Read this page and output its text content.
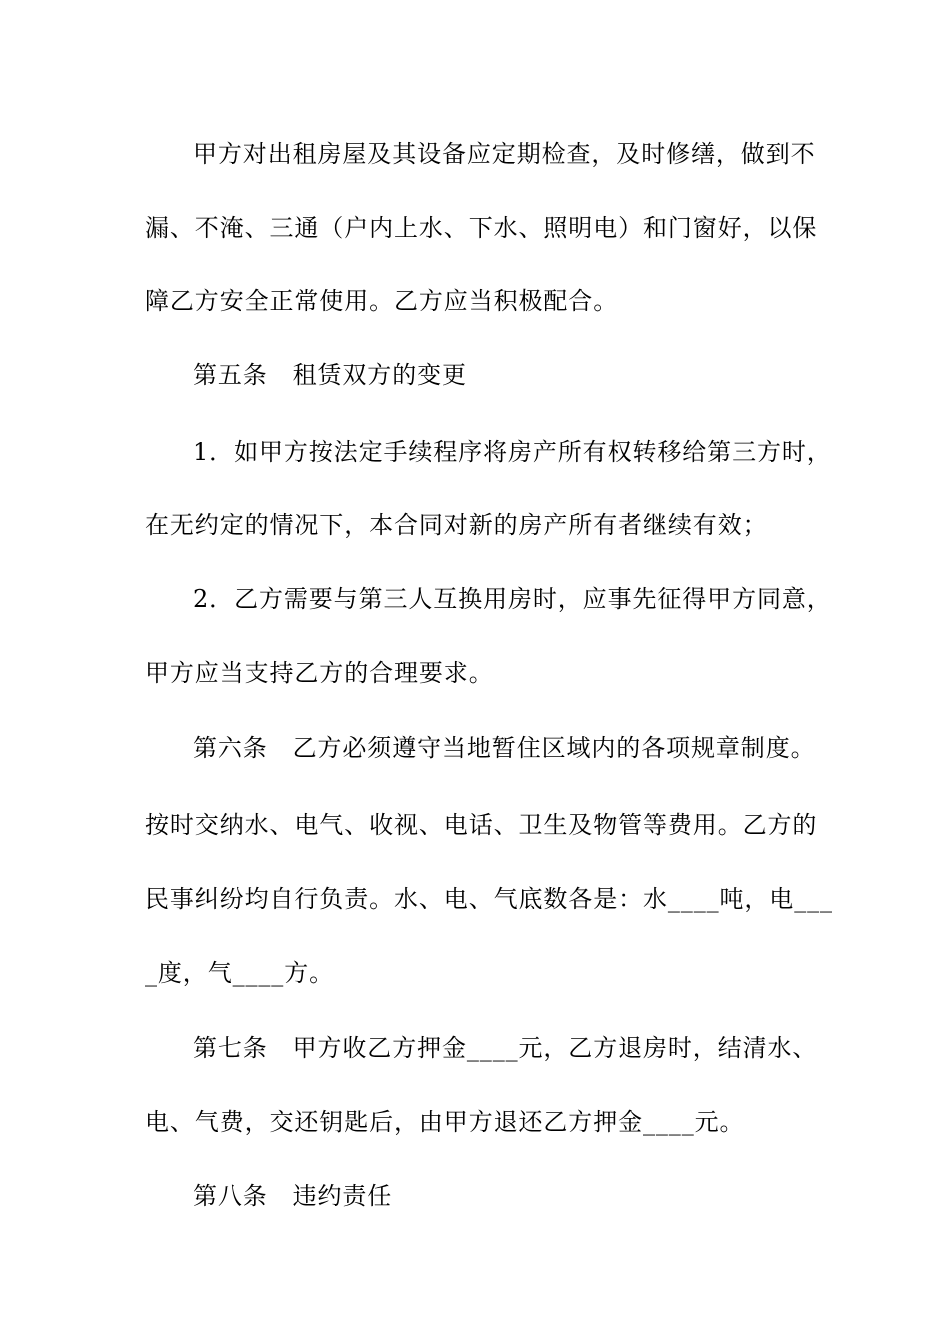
甲方对出租房屋及其设备应定期检查，及时修缮，做到不
漏、不淹、三通（户内上水、下水、照明电）和门窗好，以保
障乙方安全正常使用。乙方应当积极配合。
第五条　租赁双方的变更
1．如甲方按法定手续程序将房产所有权转移给第三方时，
在无约定的情况下，本合同对新的房产所有者继续有效；
2．乙方需要与第三人互换用房时，应事先征得甲方同意，
甲方应当支持乙方的合理要求。
第六条　乙方必须遵守当地暂住区域内的各项规章制度。
按时交纳水、电气、收视、电话、卫生及物管等费用。乙方的
民事纠纷均自行负责。水、电、气底数各是：水____吨，电___
_度，气____方。
第七条　甲方收乙方押金____元，乙方退房时，结清水、
电、气费，交还钥匙后，由甲方退还乙方押金____元。
第八条　违约责任
